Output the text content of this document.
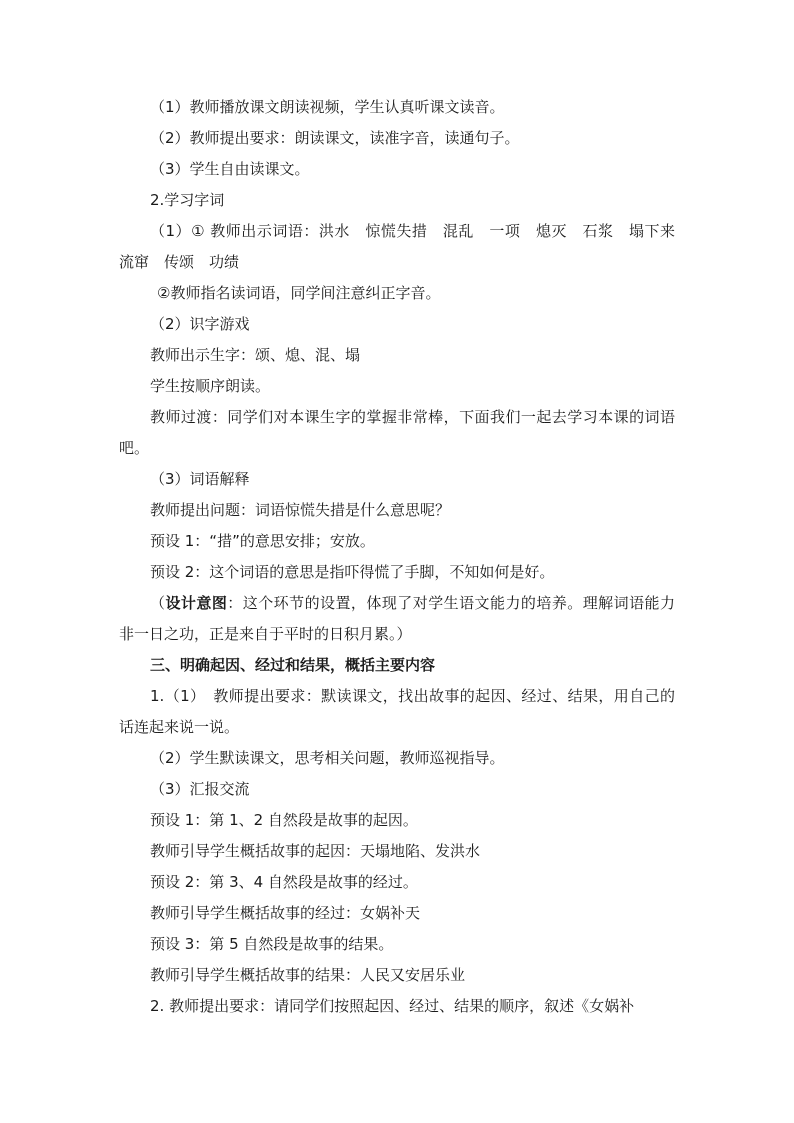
（1）教师播放课文朗读视频，学生认真听课文读音。

（2）教师提出要求：朗读课文，读准字音，读通句子。

（3）学生自由读课文。

2.学习字词

（1）① 教师出示词语：洪水　惊慌失措　混乱　一项　熄灭　石浆　塌下来　流窜　传颂　功绩

②教师指名读词语，同学间注意纠正字音。

（2）识字游戏

教师出示生字：颂、熄、混、塌

学生按顺序朗读。

教师过渡：同学们对本课生字的掌握非常棒，下面我们一起去学习本课的词语吧。

（3）词语解释

教师提出问题：词语惊慌失措是什么意思呢？

预设 1：“措”的意思安排；安放。

预设 2：这个词语的意思是指吓得慌了手脚，不知如何是好。

（设计意图：这个环节的设置，体现了对学生语文能力的培养。理解词语能力非一日之功，正是来自于平时的日积月累。）

三、明确起因、经过和结果，概括主要内容

1.（1）　教师提出要求：默读课文，找出故事的起因、经过、结果，用自己的话连起来说一说。

（2）学生默读课文，思考相关问题，教师巡视指导。

（3）汇报交流

预设 1：第 1、2 自然段是故事的起因。

教师引导学生概括故事的起因：天塌地陷、发洪水

预设 2：第 3、4 自然段是故事的经过。

教师引导学生概括故事的经过：女娲补天

预设 3：第 5 自然段是故事的结果。

教师引导学生概括故事的结果：人民又安居乐业

2. 教师提出要求：请同学们按照起因、经过、结果的顺序，叙述《女娲补
